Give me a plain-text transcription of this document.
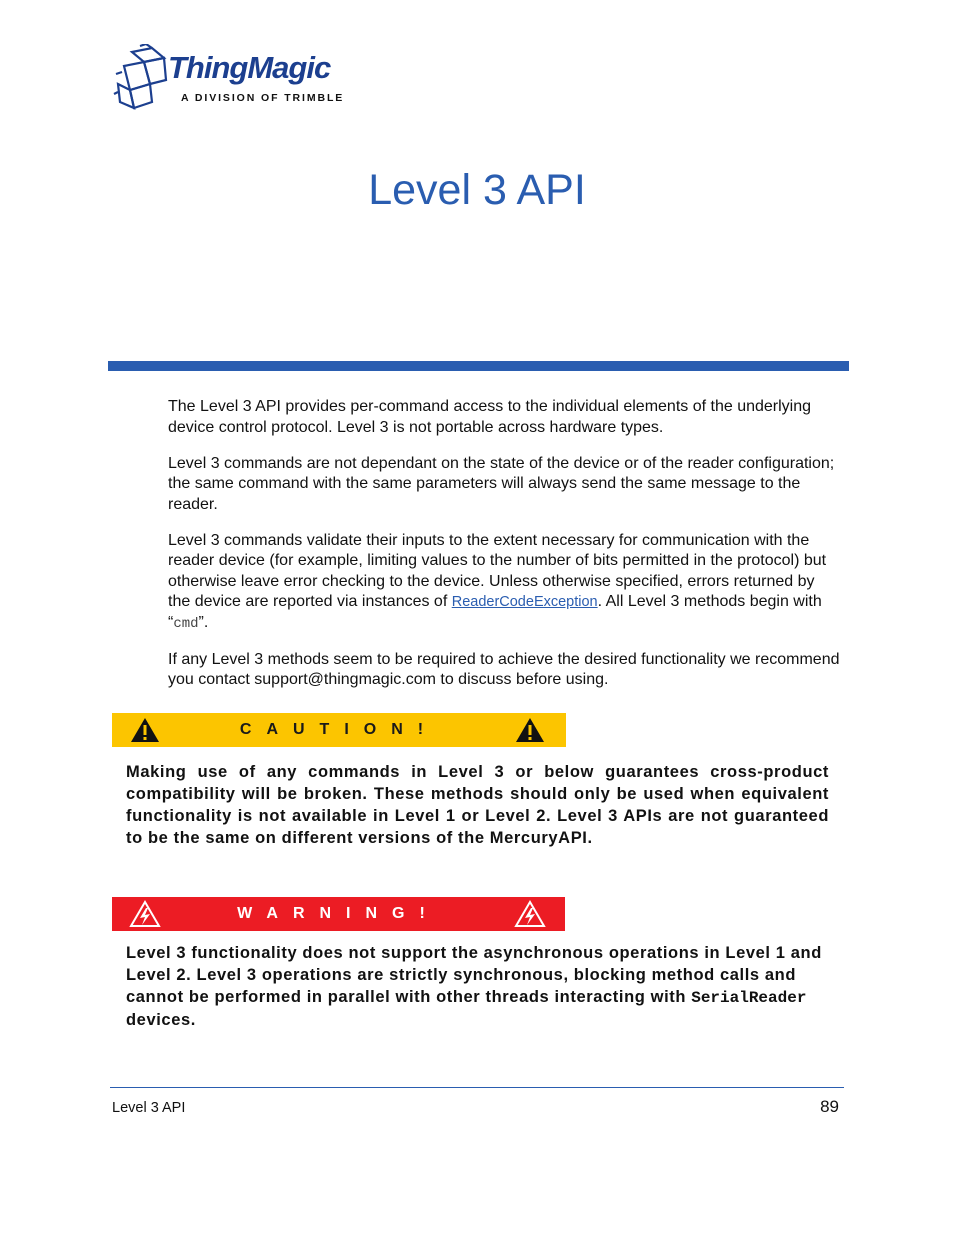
ThingMagic
A DIVISION OF TRIMBLE
Level 3 API

The Level 3 API provides per-command access to the individual elements of the underlying device control protocol. Level 3 is not portable across hardware types.

Level 3 commands are not dependant on the state of the device or of the reader configuration; the same command with the same parameters will always send the same message to the reader.

Level 3 commands validate their inputs to the extent necessary for communication with the reader device (for example, limiting values to the number of bits permitted in the protocol) but otherwise leave error checking to the device. Unless otherwise specified, errors returned by the device are reported via instances of ReaderCodeException. All Level 3 methods begin with “cmd”.

If any Level 3 methods seem to be required to achieve the desired functionality we recommend you contact support@thingmagic.com to discuss before using.

CAUTION!
Making use of any commands in Level 3 or below guarantees cross-product compatibility will be broken. These methods should only be used when equivalent functionality is not available in Level 1 or Level 2. Level 3 APIs are not guaranteed to be the same on different versions of the MercuryAPI.
WARNING!
Level 3 functionality does not support the asynchronous operations in Level 1 and Level 2. Level 3 operations are strictly synchronous, blocking method calls and cannot be performed in parallel with other threads interacting with SerialReader devices.
Level 3 API	89
